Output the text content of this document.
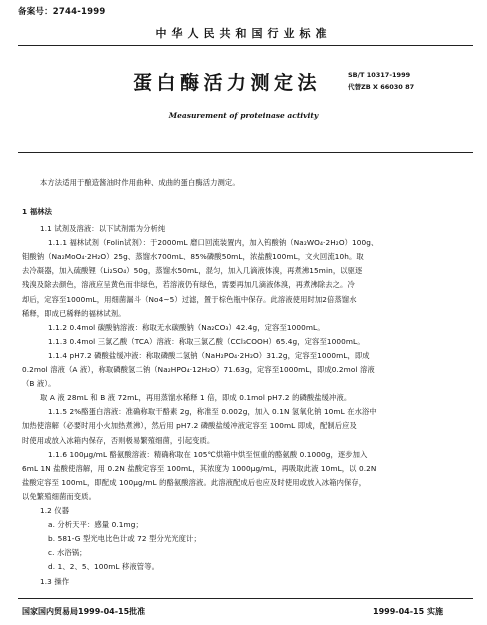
备案号：2744-1999
中华人民共和国行业标准
蛋白酶活力测定法	SB/T 10317-1999
代替ZB X 66030 87
Measurement of proteinase activity
本方法适用于酿造酱油时作用曲种、成曲的蛋白酶活力测定。
1 福林法
1.1 试剂及溶液：以下试剂需为分析纯
1.1.1 福林试剂（Folin试剂）：于2000mL 磨口回流装置内，加入钨酸钠（Na₂WO₄·2H₂O）100g、
钼酸钠（Na₂MoO₄·2H₂O）25g、蒸馏水700mL、85%磷酸50mL，浓盐酸100mL，文火回流10h。取
去冷凝器，加入硫酸锂（Li₂SO₄）50g，蒸馏水50mL，混匀，加入几滴液体溴，再煮沸15min，以驱逐
残溴及除去颜色，溶液应呈黄色而非绿色，若溶液仍有绿色，需要再加几滴液体溴，再煮沸除去之。冷
却后，定容至1000mL，用细菌漏斗（No4~5）过滤，置于棕色瓶中保存。此溶液使用时加2倍蒸馏水
稀释，即成已稀释的福林试剂。
1.1.2 0.4mol 碳酸钠溶液：称取无水碳酸钠（Na₂CO₃）42.4g，定容至1000mL。
1.1.3 0.4mol 三氯乙酸（TCA）溶液：称取三氯乙酸（CCl₃COOH）65.4g，定容至1000mL。
1.1.4 pH7.2 磷酸盐缓冲液：称取磷酸二氢钠（NaH₂PO₄·2H₂O）31.2g，定容至1000mL，即成
0.2mol 溶液（A 液），称取磷酸氢二钠（Na₂HPO₄·12H₂O）71.63g，定容至1000mL，即成0.2mol 溶液
（B 液）。
取 A 液 28mL 和 B 液 72mL，再用蒸馏水稀释 1 倍，即成 0.1mol pH7.2 的磷酸盐缓冲液。
1.1.5 2%酪蛋白溶液：准确称取干酪素 2g，称准至 0.002g，加入 0.1N 氢氧化钠 10mL 在水浴中
加热使溶解（必要时用小火加热煮沸），然后用 pH7.2 磷酸盐缓冲液定容至 100mL 即成，配制后应及
时使用或放入冰箱内保存，否则极易繁殖细菌，引起变质。
1.1.6 100μg/mL 酪氨酸溶液：精确称取在 105℃烘箱中烘至恒重的酪氨酸 0.1000g，逐步加入
6mL 1N 盐酸使溶解，用 0.2N 盐酸定容至 100mL，其浓度为 1000μg/mL，再吸取此液 10mL，以 0.2N
盐酸定容至 100mL，即配成 100μg/mL 的酪氨酸溶液。此溶液配成后也应及时使用或放入冰箱内保存，
以免繁殖细菌而变质。
1.2 仪器
a. 分析天平：感量 0.1mg；
b. 581-G 型光电比色计或 72 型分光光度计；
c. 水浴锅；
d. 1、2、5、100mL 移液管等。
1.3 操作
国家国内贸易局1999-04-15批准	1999-04-15 实施
